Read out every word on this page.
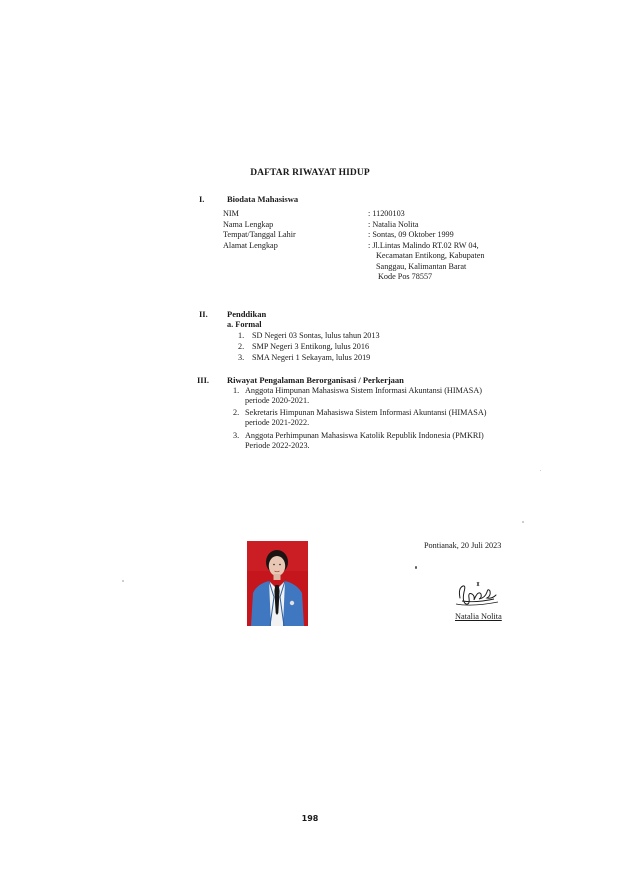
DAFTAR RIWAYAT HIDUP
I.	Biodata Mahasiswa
NIM	: 11200103
Nama Lengkap	: Natalia Nolita
Tempat/Tanggal Lahir	: Sontas, 09 Oktober 1999
Alamat Lengkap	: Jl.Lintas Malindo RT.02 RW 04,
Kecamatan Entikong, Kabupaten
Sanggau, Kalimantan Barat
Kode Pos 78557
II. Penddikan
a. Formal
1. SD Negeri 03 Sontas, lulus tahun 2013
2. SMP Negeri 3 Entikong, lulus 2016
3. SMA Negeri 1 Sekayam, lulus 2019
III. Riwayat Pengalaman Berorganisasi / Perkerjaan
1. Anggota Himpunan Mahasiswa Sistem Informasi Akuntansi (HIMASA)
periode 2020-2021.
2. Sekretaris Himpunan Mahasiswa Sistem Informasi Akuntansi (HIMASA)
periode 2021-2022.
3. Anggota Perhimpunan Mahasiswa Katolik Republik Indonesia (PMKRI)
Periode 2022-2023.
Pontianak, 20 Juli 2023
Natalia Nolita
198
